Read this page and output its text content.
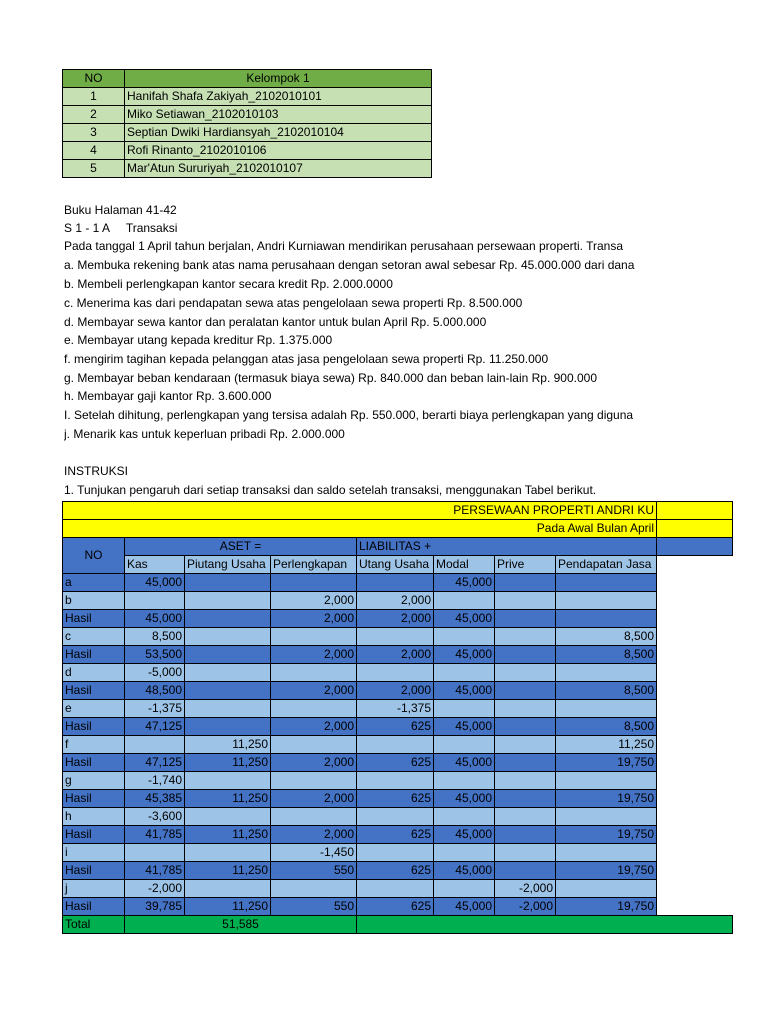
NO	Kelompok 1
1	Hanifah Shafa Zakiyah_2102010101
2	Miko Setiawan_2102010103
3	Septian Dwiki Hardiansyah_2102010104
4	Rofi Rinanto_2102010106
5	Mar'Atun Sururiyah_2102010107
Buku Halaman 41-42
S 1 - 1 A     Transaksi
Pada tanggal 1 April tahun berjalan, Andri Kurniawan mendirikan perusahaan persewaan properti. Transa
a. Membuka rekening bank atas nama perusahaan dengan setoran awal sebesar Rp. 45.000.000 dari dana
b. Membeli perlengkapan kantor secara kredit Rp. 2.000.0000
c. Menerima kas dari pendapatan sewa atas pengelolaan sewa properti Rp. 8.500.000
d. Membayar sewa kantor dan peralatan kantor untuk bulan April Rp. 5.000.000
e. Membayar utang kepada kreditur Rp. 1.375.000
f. mengirim tagihan kepada pelanggan atas jasa pengelolaan sewa properti Rp. 11.250.000
g. Membayar beban kendaraan (termasuk biaya sewa) Rp. 840.000 dan beban lain-lain Rp. 900.000
h. Membayar gaji kantor Rp. 3.600.000
I. Setelah dihitung, perlengkapan yang tersisa adalah Rp. 550.000, berarti biaya perlengkapan yang diguna
j. Menarik kas untuk keperluan pribadi Rp. 2.000.000
INSTRUKSI
1. Tunjukan pengaruh dari setiap transaksi dan saldo setelah transaksi, menggunakan Tabel berikut.
PERSEWAAN PROPERTI ANDRI KU								
Pada Awal Bulan April								
NO	ASET =			LIABILITAS +				
	Kas	Piutang Usaha	Perlengkapan	Utang Usaha	Modal	Prive	Pendapatan Jasa	
a	45,000				45,000			
b			2,000	2,000				
Hasil	45,000		2,000	2,000	45,000			
c	8,500						8,500	
Hasil	53,500		2,000	2,000	45,000		8,500	
d	-5,000							
Hasil	48,500		2,000	2,000	45,000		8,500	
e	-1,375			-1,375				
Hasil	47,125		2,000	625	45,000		8,500	
f		11,250					11,250	
Hasil	47,125	11,250	2,000	625	45,000		19,750	
g	-1,740							
Hasil	45,385	11,250	2,000	625	45,000		19,750	
h	-3,600							
Hasil	41,785	11,250	2,000	625	45,000		19,750	
i			-1,450					
Hasil	41,785	11,250	550	625	45,000		19,750	
j	-2,000					-2,000		
Hasil	39,785	11,250	550	625	45,000	-2,000	19,750	
Total	51,585							
